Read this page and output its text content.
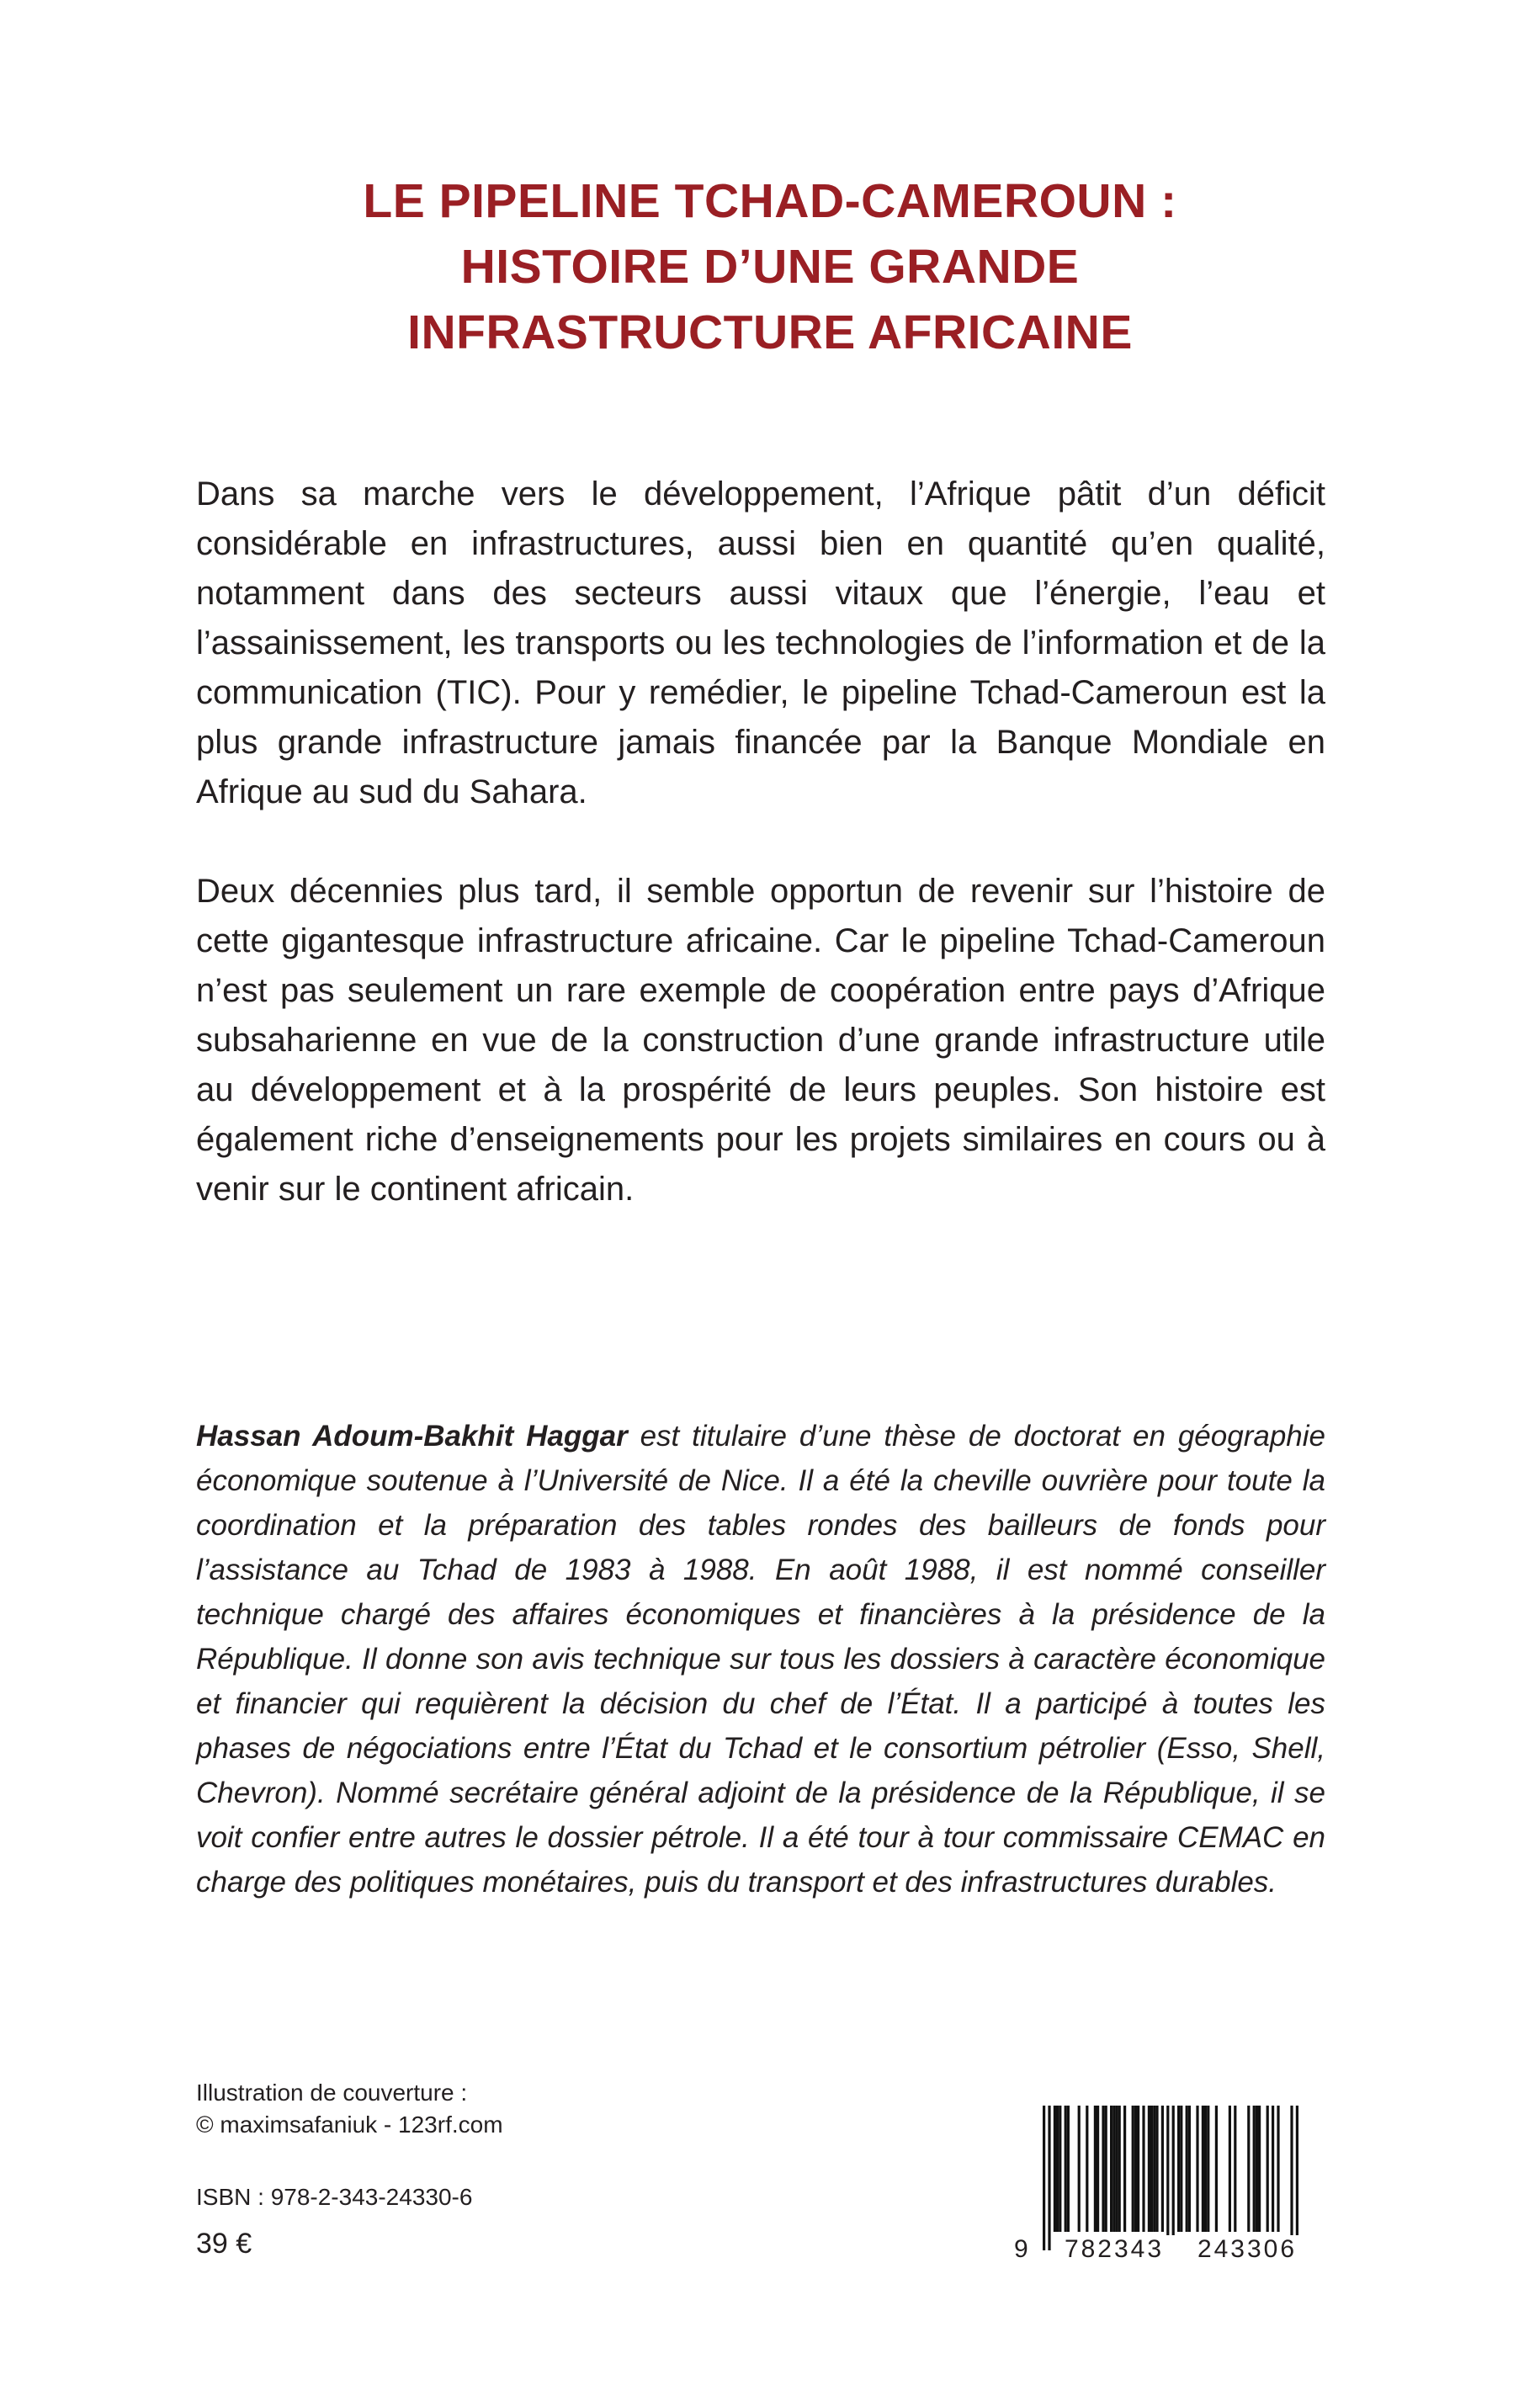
LE PIPELINE TCHAD-CAMEROUN :
HISTOIRE D’UNE GRANDE
INFRASTRUCTURE AFRICAINE

Dans sa marche vers le développement, l’Afrique pâtit d’un déficit considérable en infrastructures, aussi bien en quantité qu’en qualité, notamment dans des secteurs aussi vitaux que l’énergie, l’eau et l’assainissement, les transports ou les technologies de l’information et de la communication (TIC). Pour y remédier, le pipeline Tchad-Cameroun est la plus grande infrastructure jamais financée par la Banque Mondiale en Afrique au sud du Sahara.

Deux décennies plus tard, il semble opportun de revenir sur l’histoire de cette gigantesque infrastructure africaine. Car le pipeline Tchad-Cameroun n’est pas seulement un rare exemple de coopération entre pays d’Afrique subsaharienne en vue de la construction d’une grande infrastructure utile au développement et à la prospérité de leurs peuples. Son histoire est également riche d’enseignements pour les projets similaires en cours ou à venir sur le continent africain.

Hassan Adoum-Bakhit Haggar est titulaire d’une thèse de doctorat en géographie économique soutenue à l’Université de Nice. Il a été la cheville ouvrière pour toute la coordination et la préparation des tables rondes des bailleurs de fonds pour l’assistance au Tchad de 1983 à 1988. En août 1988, il est nommé conseiller technique chargé des affaires économiques et financières à la présidence de la République. Il donne son avis technique sur tous les dossiers à caractère économique et financier qui requièrent la décision du chef de l’État. Il a participé à toutes les phases de négociations entre l’État du Tchad et le consortium pétrolier (Esso, Shell, Chevron). Nommé secrétaire général adjoint de la présidence de la République, il se voit confier entre autres le dossier pétrole. Il a été tour à tour commissaire CEMAC en charge des politiques monétaires, puis du transport et des infrastructures durables.

Illustration de couverture :
© maximsafaniuk - 123rf.com
ISBN : 978-2-343-24330-6
39 €	9	782343	243306
